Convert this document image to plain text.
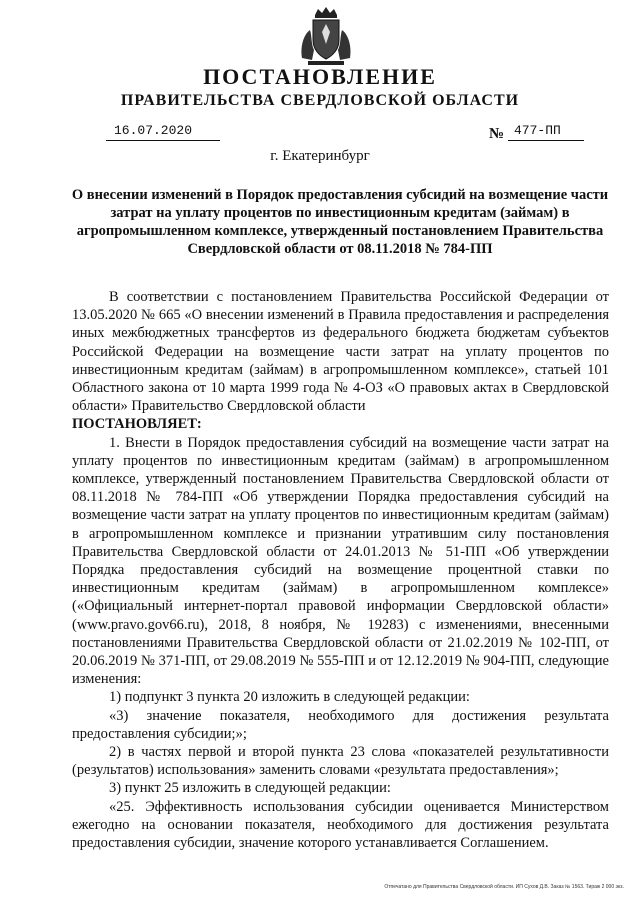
ПОСТАНОВЛЕНИЕ
ПРАВИТЕЛЬСТВА СВЕРДЛОВСКОЙ ОБЛАСТИ
16.07.2020	№ 477-ПП
г. Екатеринбург
О внесении изменений в Порядок предоставления субсидий на возмещение части затрат на уплату процентов по инвестиционным кредитам (займам) в агропромышленном комплексе, утвержденный постановлением Правительства Свердловской области от 08.11.2018 № 784-ПП

В соответствии с постановлением Правительства Российской Федерации от 13.05.2020 № 665 «О внесении изменений в Правила предоставления и распределения иных межбюджетных трансфертов из федерального бюджета бюджетам субъектов Российской Федерации на возмещение части затрат на уплату процентов по инвестиционным кредитам (займам) в агропромышленном комплексе», статьей 101 Областного закона от 10 марта 1999 года № 4-ОЗ «О правовых актах в Свердловской области» Правительство Свердловской области

ПОСТАНОВЛЯЕТ:

1. Внести в Порядок предоставления субсидий на возмещение части затрат на уплату процентов по инвестиционным кредитам (займам) в агропромышленном комплексе, утвержденный постановлением Правительства Свердловской области от 08.11.2018 № 784-ПП «Об утверждении Порядка предоставления субсидий на возмещение части затрат на уплату процентов по инвестиционным кредитам (займам) в агропромышленном комплексе и признании утратившим силу постановления Правительства Свердловской области от 24.01.2013 № 51-ПП «Об утверждении Порядка предоставления субсидий на возмещение процентной ставки по инвестиционным кредитам (займам) в агропромышленном комплексе» («Официальный интернет-портал правовой информации Свердловской области» (www.pravo.gov66.ru), 2018, 8 ноября, № 19283) с изменениями, внесенными постановлениями Правительства Свердловской области от 21.02.2019 № 102-ПП, от 20.06.2019 № 371-ПП, от 29.08.2019 № 555-ПП и от 12.12.2019 № 904-ПП, следующие изменения:

1) подпункт 3 пункта 20 изложить в следующей редакции:

«3) значение показателя, необходимого для достижения результата предоставления субсидии;»;

2) в частях первой и второй пункта 23 слова «показателей результативности (результатов) использования» заменить словами «результата предоставления»;

3) пункт 25 изложить в следующей редакции:

«25. Эффективность использования субсидии оценивается Министерством ежегодно на основании показателя, необходимого для достижения результата предоставления субсидии, значение которого устанавливается Соглашением.

Отпечатано для Правительства Свердловской области. ИП Сухов Д.В. Заказ № 1563. Тираж 2 000 экз.
